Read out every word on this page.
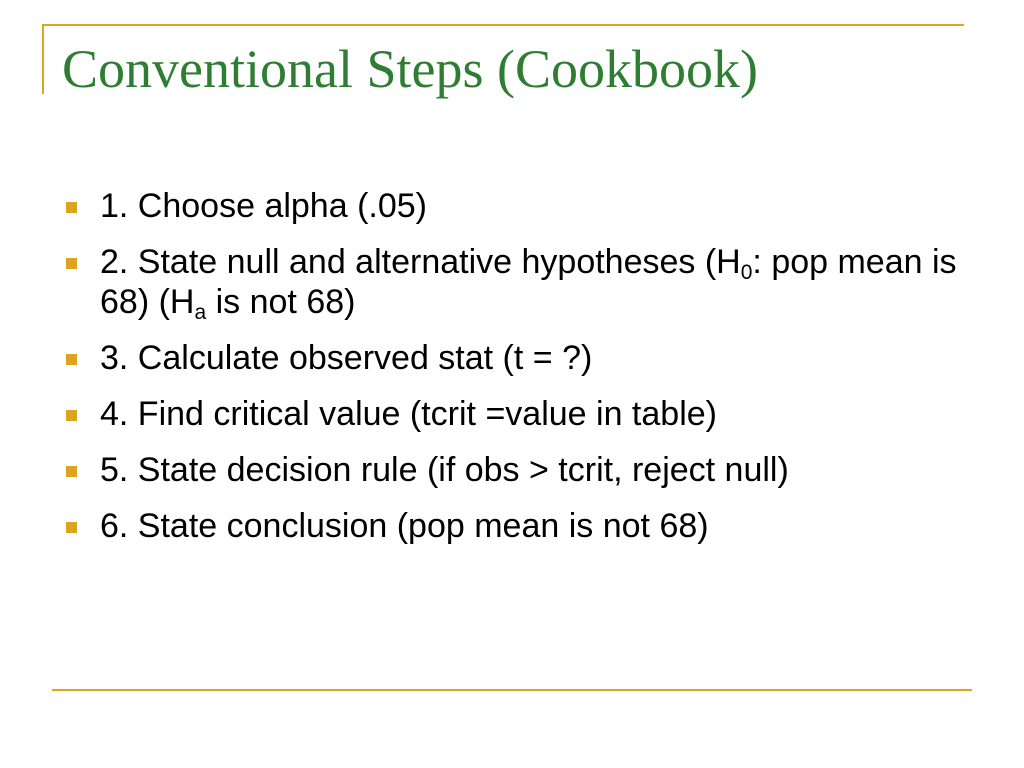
Conventional Steps (Cookbook)
1. Choose alpha (.05)
2. State null and alternative hypotheses ($H_0$: pop mean is 68) ($H_a$ is not 68)
3. Calculate observed stat (t = ?)
4. Find critical value (tcrit =value in table)
5. State decision rule (if obs > tcrit, reject null)
6. State conclusion (pop mean is not 68)
